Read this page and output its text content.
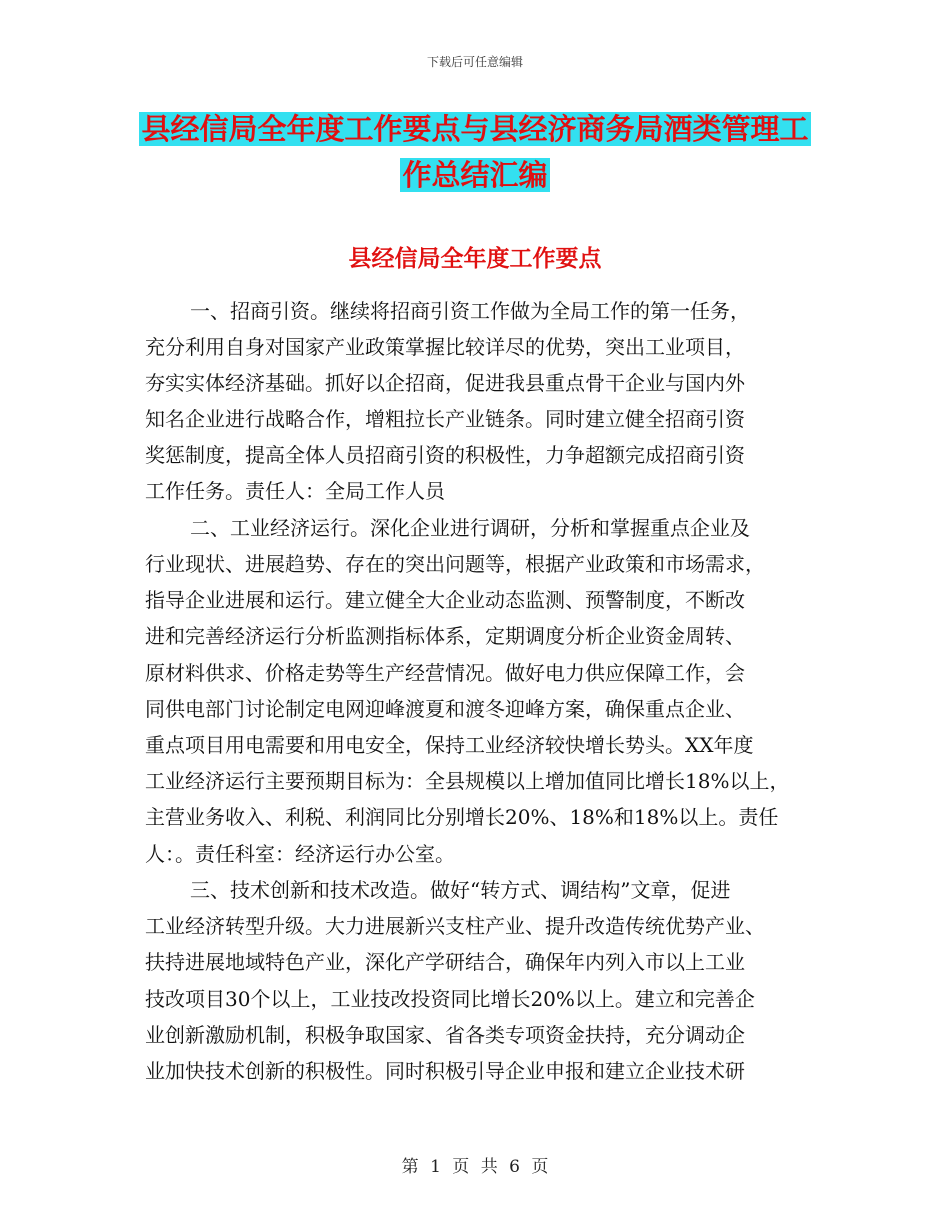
下载后可任意编辑
县经信局全年度工作要点与县经济商务局酒类管理工
作总结汇编
县经信局全年度工作要点
一、招商引资。继续将招商引资工作做为全局工作的第一任务，
充分利用自身对国家产业政策掌握比较详尽的优势，突出工业项目，
夯实实体经济基础。抓好以企招商，促进我县重点骨干企业与国内外
知名企业进行战略合作，增粗拉长产业链条。同时建立健全招商引资
奖惩制度，提高全体人员招商引资的积极性，力争超额完成招商引资
工作任务。责任人：全局工作人员
二、工业经济运行。深化企业进行调研，分析和掌握重点企业及
行业现状、进展趋势、存在的突出问题等，根据产业政策和市场需求，
指导企业进展和运行。建立健全大企业动态监测、预警制度，不断改
进和完善经济运行分析监测指标体系，定期调度分析企业资金周转、
原材料供求、价格走势等生产经营情况。做好电力供应保障工作，会
同供电部门讨论制定电网迎峰渡夏和渡冬迎峰方案，确保重点企业、
重点项目用电需要和用电安全，保持工业经济较快增长势头。XX年度
工业经济运行主要预期目标为：全县规模以上增加值同比增长18%以上，
主营业务收入、利税、利润同比分别增长20%、18%和18%以上。责任
人：。责任科室：经济运行办公室。
三、技术创新和技术改造。做好“转方式、调结构”文章，促进
工业经济转型升级。大力进展新兴支柱产业、提升改造传统优势产业、
扶持进展地域特色产业，深化产学研结合，确保年内列入市以上工业
技改项目30个以上，工业技改投资同比增长20%以上。建立和完善企
业创新激励机制，积极争取国家、省各类专项资金扶持，充分调动企
业加快技术创新的积极性。同时积极引导企业申报和建立企业技术研
第 1 页 共 6 页
